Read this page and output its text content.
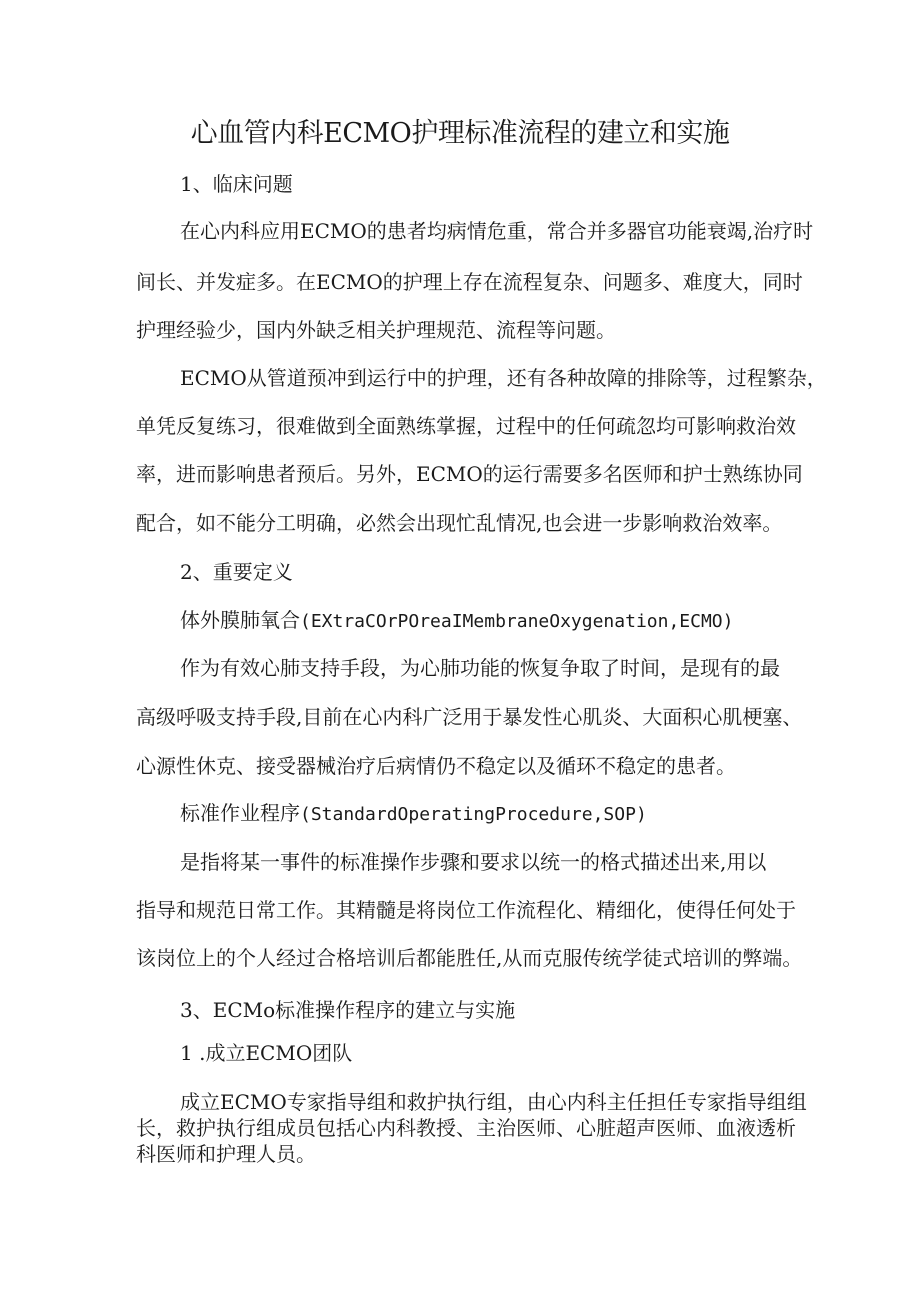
心血管内科ECMO护理标准流程的建立和实施
1、临床问题
在心内科应用ECMO的患者均病情危重，常合并多器官功能衰竭,治疗时
间长、并发症多。在ECMO的护理上存在流程复杂、问题多、难度大，同时
护理经验少，国内外缺乏相关护理规范、流程等问题。
ECMO从管道预冲到运行中的护理，还有各种故障的排除等，过程繁杂，
单凭反复练习，很难做到全面熟练掌握，过程中的任何疏忽均可影响救治效
率，进而影响患者预后。另外，ECMO的运行需要多名医师和护士熟练协同
配合，如不能分工明确，必然会出现忙乱情况,也会进一步影响救治效率。
2、重要定义
体外膜肺氧合(EXtraCOrPOreaIMembraneOxygenation,ECMO)
作为有效心肺支持手段，为心肺功能的恢复争取了时间，是现有的最
高级呼吸支持手段,目前在心内科广泛用于暴发性心肌炎、大面积心肌梗塞、
心源性休克、接受器械治疗后病情仍不稳定以及循环不稳定的患者。
标准作业程序(StandardOperatingProcedure,SOP)
是指将某一事件的标准操作步骤和要求以统一的格式描述出来,用以
指导和规范日常工作。其精髓是将岗位工作流程化、精细化，使得任何处于
该岗位上的个人经过合格培训后都能胜任,从而克服传统学徒式培训的弊端。
3、ECMo标准操作程序的建立与实施
1 .成立ECMO团队
成立ECMO专家指导组和救护执行组，由心内科主任担任专家指导组组
长，救护执行组成员包括心内科教授、主治医师、心脏超声医师、血液透析
科医师和护理人员。
